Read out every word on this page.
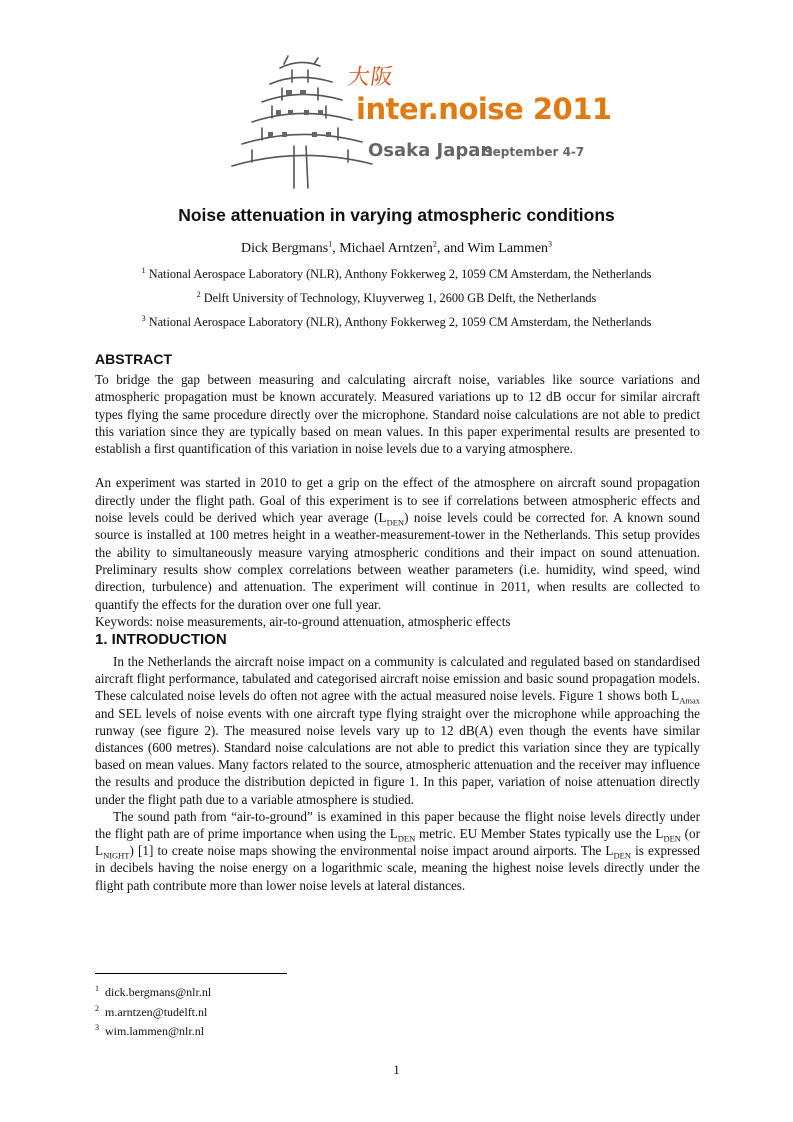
大阪
inter.noise 2011
Osaka Japan
September 4-7
Noise attenuation in varying atmospheric conditions
Dick Bergmans$^1$, Michael Arntzen$^2$, and Wim Lammen$^3$
$^1$ National Aerospace Laboratory (NLR), Anthony Fokkerweg 2, 1059 CM Amsterdam, the Netherlands
$^2$ Delft University of Technology, Kluyverweg 1, 2600 GB Delft, the Netherlands
$^3$ National Aerospace Laboratory (NLR), Anthony Fokkerweg 2, 1059 CM Amsterdam, the Netherlands
ABSTRACT

To bridge the gap between measuring and calculating aircraft noise, variables like source variations and atmospheric propagation must be known accurately. Measured variations up to 12 dB occur for similar aircraft types flying the same procedure directly over the microphone. Standard noise calculations are not able to predict this variation since they are typically based on mean values. In this paper experimental results are presented to establish a first quantification of this variation in noise levels due to a varying atmosphere.

An experiment was started in 2010 to get a grip on the effect of the atmosphere on aircraft sound propagation directly under the flight path. Goal of this experiment is to see if correlations between atmospheric effects and noise levels could be derived which year average $(L_{DEN})$ noise levels could be corrected for. A known sound source is installed at 100 metres height in a weather-measurement-tower in the Netherlands. This setup provides the ability to simultaneously measure varying atmospheric conditions and their impact on sound attenuation. Preliminary results show complex correlations between weather parameters (i.e. humidity, wind speed, wind direction, turbulence) and attenuation. The experiment will continue in 2011, when results are collected to quantify the effects for the duration over one full year.

Keywords: noise measurements, air-to-ground attenuation, atmospheric effects

1. INTRODUCTION

In the Netherlands the aircraft noise impact on a community is calculated and regulated based on standardised aircraft flight performance, tabulated and categorised aircraft noise emission and basic sound propagation models. These calculated noise levels do often not agree with the actual measured noise levels. Figure 1 shows both $L_{Amax}$ and SEL levels of noise events with one aircraft type flying straight over the microphone while approaching the runway (see figure 2). The measured noise levels vary up to 12 dB(A) even though the events have similar distances (600 metres). Standard noise calculations are not able to predict this variation since they are typically based on mean values. Many factors related to the source, atmospheric attenuation and the receiver may influence the results and produce the distribution depicted in figure 1. In this paper, variation of noise attenuation directly under the flight path due to a variable atmosphere is studied.

The sound path from “air-to-ground” is examined in this paper because the flight noise levels directly under the flight path are of prime importance when using the $L_{DEN}$ metric. EU Member States typically use the $L_{DEN}$ (or $L_{NIGHT}$) [1] to create noise maps showing the environmental noise impact around airports. The $L_{DEN}$ is expressed in decibels having the noise energy on a logarithmic scale, meaning the highest noise levels directly under the flight path contribute more than lower noise levels at lateral distances.

$^1$ dick.bergmans@nlr.nl
$^2$ m.arntzen@tudelft.nl
$^3$ wim.lammen@nlr.nl
1
